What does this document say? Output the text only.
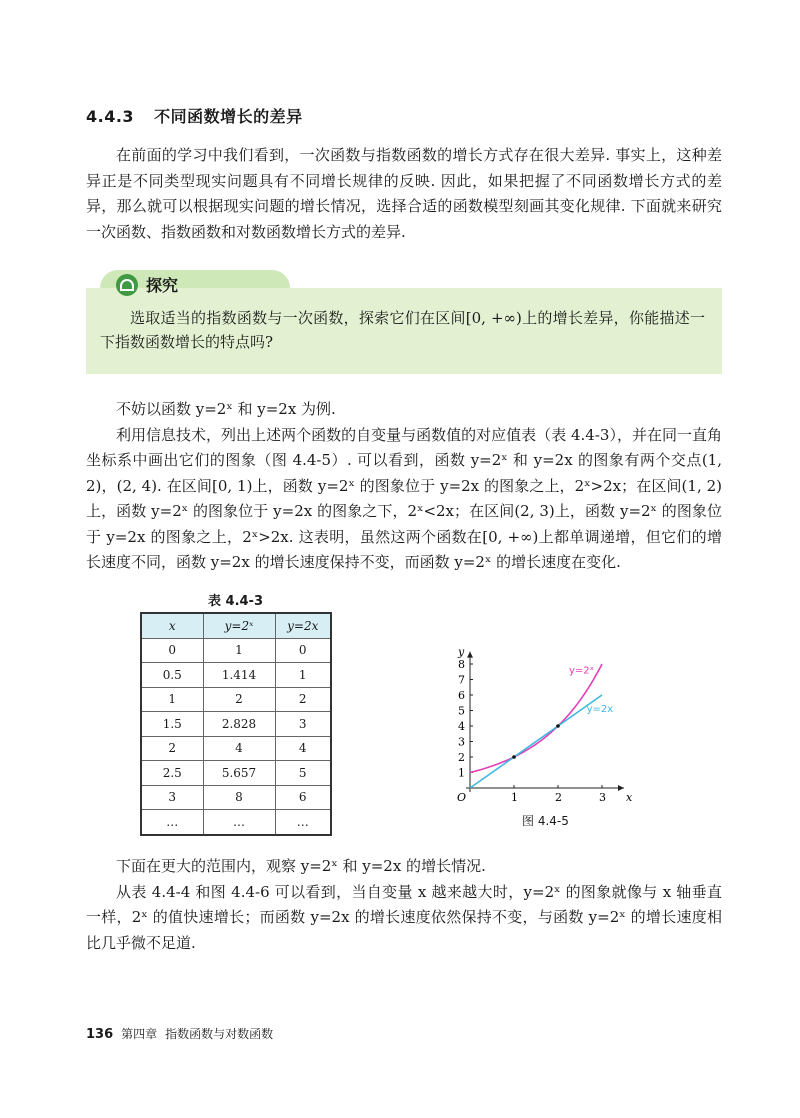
4.4.3 不同函数增长的差异

在前面的学习中我们看到，一次函数与指数函数的增长方式存在很大差异. 事实上，这种差异正是不同类型现实问题具有不同增长规律的反映. 因此，如果把握了不同函数增长方式的差异，那么就可以根据现实问题的增长情况，选择合适的函数模型刻画其变化规律. 下面就来研究一次函数、指数函数和对数函数增长方式的差异.

探究
选取适当的指数函数与一次函数，探索它们在区间[0, +∞)上的增长差异，你能描述一下指数函数增长的特点吗?

不妨以函数 y=2ˣ 和 y=2x 为例.

利用信息技术，列出上述两个函数的自变量与函数值的对应值表（表 4.4-3），并在同一直角坐标系中画出它们的图象（图 4.4-5）. 可以看到，函数 y=2ˣ 和 y=2x 的图象有两个交点(1, 2)，(2, 4). 在区间[0, 1)上，函数 y=2ˣ 的图象位于 y=2x 的图象之上，2ˣ>2x；在区间(1, 2)上，函数 y=2ˣ 的图象位于 y=2x 的图象之下，2ˣ<2x；在区间(2, 3)上，函数 y=2ˣ 的图象位于 y=2x 的图象之上，2ˣ>2x. 这表明，虽然这两个函数在[0, +∞)上都单调递增，但它们的增长速度不同，函数 y=2x 的增长速度保持不变，而函数 y=2ˣ 的增长速度在变化.

表 4.4-3
x	y=2ˣ	y=2x
0	1	0
0.5	1.414	1
1	2	2
1.5	2.828	3
2	4	4
2.5	5.657	5
3	8	6
…	…	…
1	2	3
1
2
3
4
5
6
7
8
O	x
y
y=2ˣ
y=2x
图 4.4-5

下面在更大的范围内，观察 y=2ˣ 和 y=2x 的增长情况.

从表 4.4-4 和图 4.4-6 可以看到，当自变量 x 越来越大时，y=2ˣ 的图象就像与 x 轴垂直一样，2ˣ 的值快速增长；而函数 y=2x 的增长速度依然保持不变，与函数 y=2ˣ 的增长速度相比几乎微不足道.

136 第四章 指数函数与对数函数
